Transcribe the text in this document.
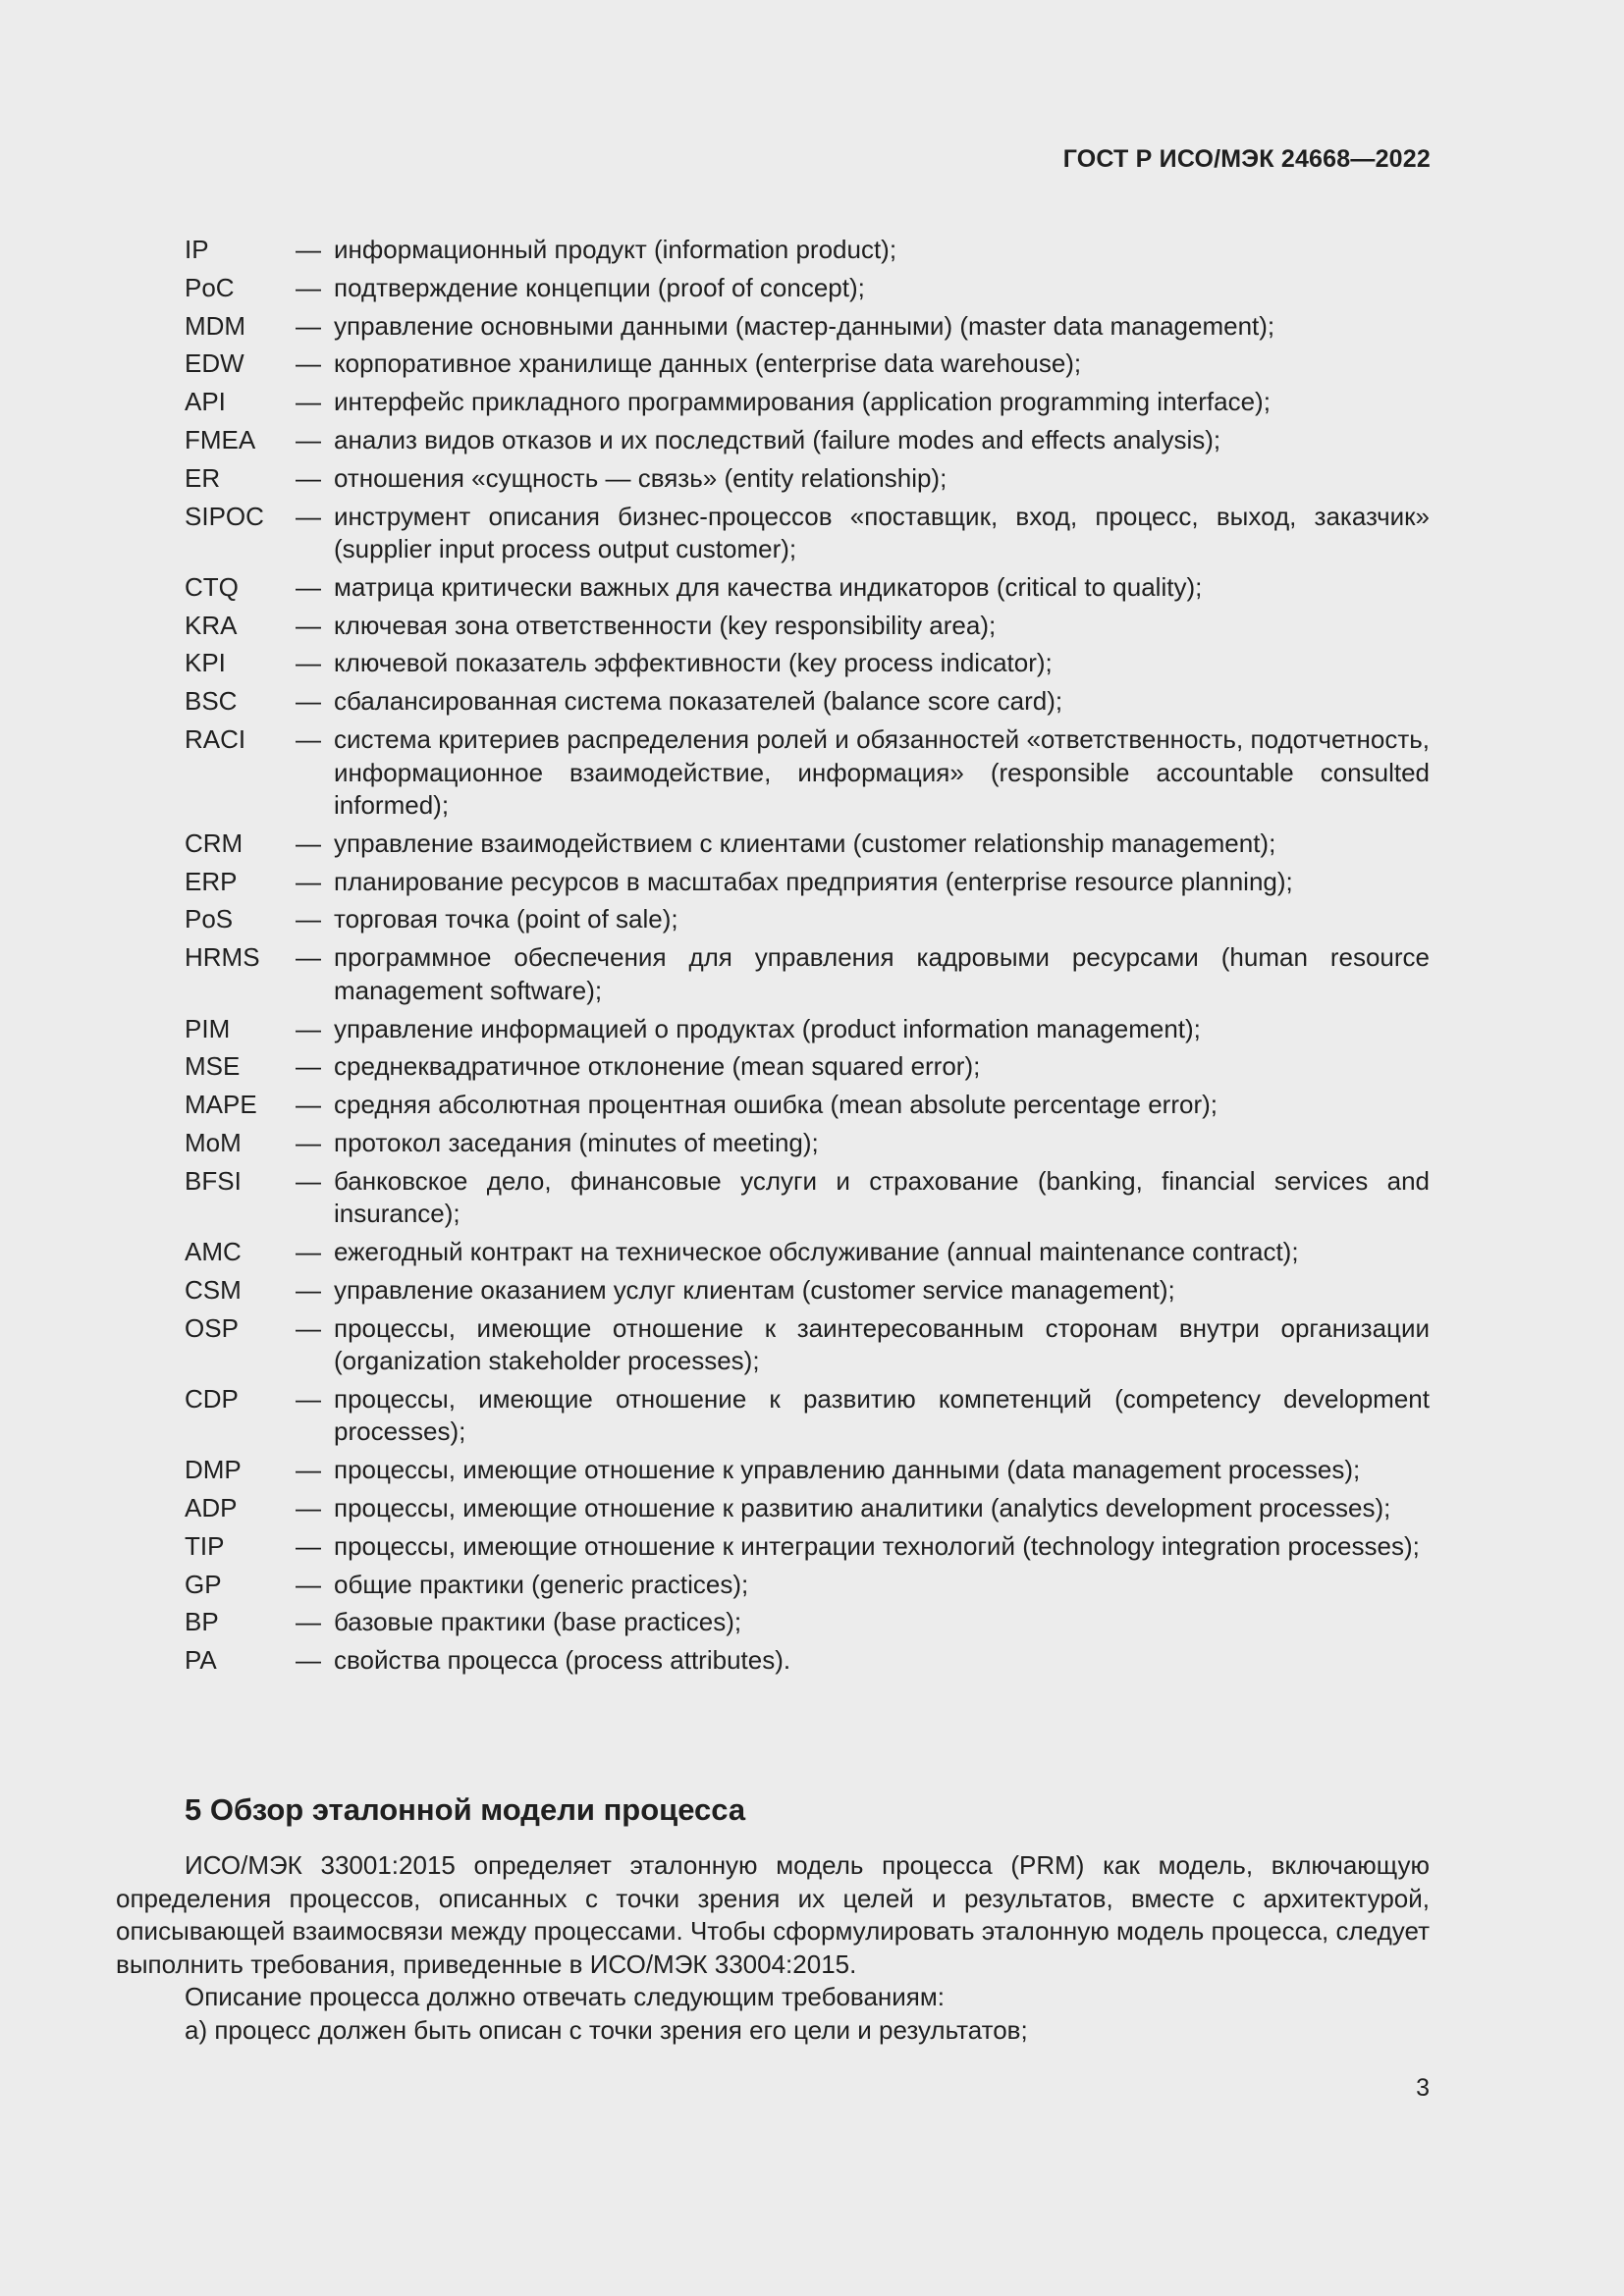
ГОСТ Р ИСО/МЭК 24668—2022
IP	— информационный продукт (information product);
PoC	— подтверждение концепции (proof of concept);
MDM	— управление основными данными (мастер-данными) (master data management);
EDW	— корпоративное хранилище данных (enterprise data warehouse);
API	— интерфейс прикладного программирования (application programming interface);
FMEA	— анализ видов отказов и их последствий (failure modes and effects analysis);
ER	— отношения «сущность — связь» (entity relationship);
SIPOC	— инструмент описания бизнес-процессов «поставщик, вход, процесс, выход, заказчик» (supplier input process output customer);
CTQ	— матрица критически важных для качества индикаторов (critical to quality);
KRA	— ключевая зона ответственности (key responsibility area);
KPI	— ключевой показатель эффективности (key process indicator);
BSC	— сбалансированная система показателей (balance score card);
RACI	— система критериев распределения ролей и обязанностей «ответственность, подотчетность, информационное взаимодействие, информация» (responsible accountable consulted informed);
CRM	— управление взаимодействием с клиентами (customer relationship management);
ERP	— планирование ресурсов в масштабах предприятия (enterprise resource planning);
PoS	— торговая точка (point of sale);
HRMS	— программное обеспечения для управления кадровыми ресурсами (human resource management software);
PIM	— управление информацией о продуктах (product information management);
MSE	— среднеквадратичное отклонение (mean squared error);
MAPE	— средняя абсолютная процентная ошибка (mean absolute percentage error);
MoM	— протокол заседания (minutes of meeting);
BFSI	— банковское дело, финансовые услуги и страхование (banking, financial services and insurance);
AMC	— ежегодный контракт на техническое обслуживание (annual maintenance contract);
CSM	— управление оказанием услуг клиентам (customer service management);
OSP	— процессы, имеющие отношение к заинтересованным сторонам внутри организации (organization stakeholder processes);
CDP	— процессы, имеющие отношение к развитию компетенций (competency development processes);
DMP	— процессы, имеющие отношение к управлению данными (data management processes);
ADP	— процессы, имеющие отношение к развитию аналитики (analytics development processes);
TIP	— процессы, имеющие отношение к интеграции технологий (technology integration processes);
GP	— общие практики (generic practices);
BP	— базовые практики (base practices);
PA	— свойства процесса (process attributes).
5 Обзор эталонной модели процесса

ИСО/МЭК 33001:2015 определяет эталонную модель процесса (PRM) как модель, включающую определения процессов, описанных с точки зрения их целей и результатов, вместе с архитектурой, описывающей взаимосвязи между процессами. Чтобы сформулировать эталонную модель процесса, следует выполнить требования, приведенные в ИСО/МЭК 33004:2015.

Описание процесса должно отвечать следующим требованиям:

а) процесс должен быть описан с точки зрения его цели и результатов;

3
